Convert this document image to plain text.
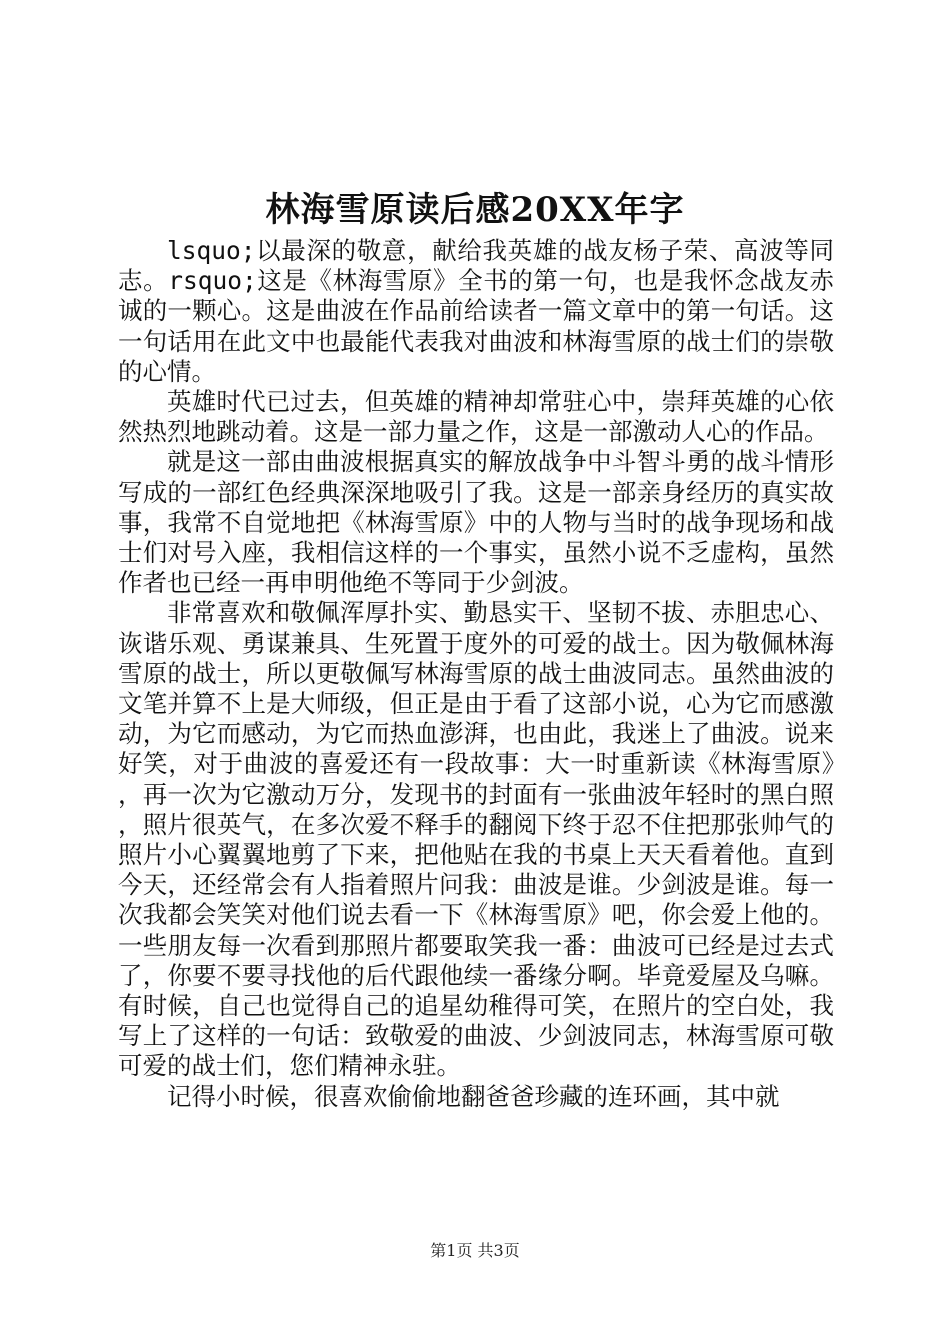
林海雪原读后感20XX年字

lsquo;以最深的敬意，献给我英雄的战友杨子荣、高波等同志。rsquo;这是《林海雪原》全书的第一句，也是我怀念战友赤诚的一颗心。这是曲波在作品前给读者一篇文章中的第一句话。这一句话用在此文中也最能代表我对曲波和林海雪原的战士们的崇敬的心情。

英雄时代已过去，但英雄的精神却常驻心中，崇拜英雄的心依然热烈地跳动着。这是一部力量之作，这是一部激动人心的作品。

就是这一部由曲波根据真实的解放战争中斗智斗勇的战斗情形写成的一部红色经典深深地吸引了我。这是一部亲身经历的真实故事，我常不自觉地把《林海雪原》中的人物与当时的战争现场和战士们对号入座，我相信这样的一个事实，虽然小说不乏虚构，虽然作者也已经一再申明他绝不等同于少剑波。

非常喜欢和敬佩浑厚扑实、勤恳实干、坚韧不拔、赤胆忠心、诙谐乐观、勇谋兼具、生死置于度外的可爱的战士。因为敬佩林海雪原的战士，所以更敬佩写林海雪原的战士曲波同志。虽然曲波的文笔并算不上是大师级，但正是由于看了这部小说，心为它而感激动，为它而感动，为它而热血澎湃，也由此，我迷上了曲波。说来好笑，对于曲波的喜爱还有一段故事：大一时重新读《林海雪原》，再一次为它激动万分，发现书的封面有一张曲波年轻时的黑白照，照片很英气，在多次爱不释手的翻阅下终于忍不住把那张帅气的照片小心翼翼地剪了下来，把他贴在我的书桌上天天看着他。直到今天，还经常会有人指着照片问我：曲波是谁。少剑波是谁。每一次我都会笑笑对他们说去看一下《林海雪原》吧，你会爱上他的。一些朋友每一次看到那照片都要取笑我一番：曲波可已经是过去式了，你要不要寻找他的后代跟他续一番缘分啊。毕竟爱屋及乌嘛。有时候，自己也觉得自己的追星幼稚得可笑，在照片的空白处，我写上了这样的一句话：致敬爱的曲波、少剑波同志，林海雪原可敬可爱的战士们，您们精神永驻。

记得小时候，很喜欢偷偷地翻爸爸珍藏的连环画，其中就

第1页 共3页
